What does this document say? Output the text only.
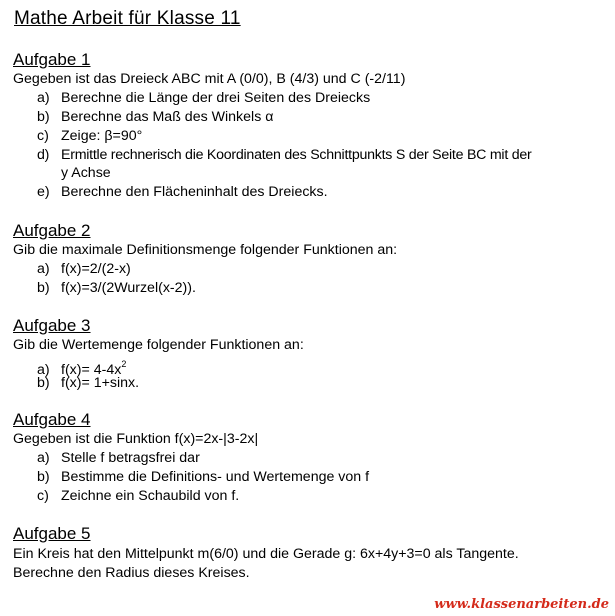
Mathe Arbeit für Klasse 11
Aufgabe 1
Gegeben ist das Dreieck ABC mit A (0/0), B (4/3) und C (-2/11)
a) Berechne die Länge der drei Seiten des Dreiecks
b) Berechne das Maß des Winkels α
c) Zeige: β=90°
d) Ermittle rechnerisch die Koordinaten des Schnittpunkts S der Seite BC mit der
y Achse
e) Berechne den Flächeninhalt des Dreiecks.
Aufgabe 2
Gib die maximale Definitionsmenge folgender Funktionen an:
a) f(x)=2/(2-x)
b) f(x)=3/(2Wurzel(x-2)).
Aufgabe 3
Gib die Wertemenge folgender Funktionen an:
a) $f(x)= 4-4x^2$
b) f(x)= 1+sinx.
Aufgabe 4
Gegeben ist die Funktion f(x)=2x-|3-2x|
a) Stelle f betragsfrei dar
b) Bestimme die Definitions- und Wertemenge von f
c) Zeichne ein Schaubild von f.
Aufgabe 5
Ein Kreis hat den Mittelpunkt m(6/0) und die Gerade g: 6x+4y+3=0 als Tangente.
Berechne den Radius dieses Kreises.
www.klassenarbeiten.de
